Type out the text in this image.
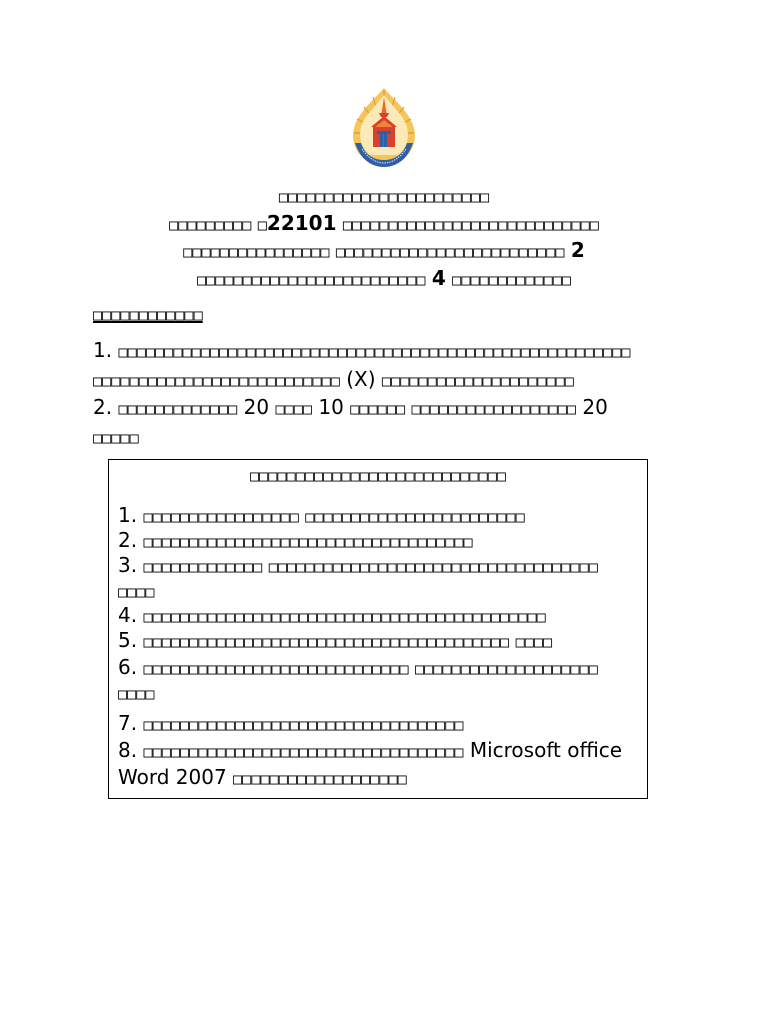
□□□□□□□□□□□□□□□□□□□□□□□
□□□□□□□□□ □22101 □□□□□□□□□□□□□□□□□□□□□□□□□□□□
□□□□□□□□□□□□□□□□ □□□□□□□□□□□□□□□□□□□□□□□□□ 2
□□□□□□□□□□□□□□□□□□□□□□□□□ 4 □□□□□□□□□□□□□
□□□□□□□□□□□□
1. □□□□□□□□□□□□□□□□□□□□□□□□□□□□□□□□□□□□□□□□□□□□□□□□□□□□□□□□
□□□□□□□□□□□□□□□□□□□□□□□□□□□ (X) □□□□□□□□□□□□□□□□□□□□□
2. □□□□□□□□□□□□□ 20 □□□□ 10 □□□□□□ □□□□□□□□□□□□□□□□□□ 20
□□□□□
□□□□□□□□□□□□□□□□□□□□□□□□□□□□
1. □□□□□□□□□□□□□□□□□ □□□□□□□□□□□□□□□□□□□□□□□□
2. □□□□□□□□□□□□□□□□□□□□□□□□□□□□□□□□□□□□
3. □□□□□□□□□□□□□ □□□□□□□□□□□□□□□□□□□□□□□□□□□□□□□□□□□□
□□□□
4. □□□□□□□□□□□□□□□□□□□□□□□□□□□□□□□□□□□□□□□□□□□□
5. □□□□□□□□□□□□□□□□□□□□□□□□□□□□□□□□□□□□□□□□ □□□□
6. □□□□□□□□□□□□□□□□□□□□□□□□□□□□□ □□□□□□□□□□□□□□□□□□□□
□□□□
7. □□□□□□□□□□□□□□□□□□□□□□□□□□□□□□□□□□□
8. □□□□□□□□□□□□□□□□□□□□□□□□□□□□□□□□□□□ Microsoft office
Word 2007 □□□□□□□□□□□□□□□□□□□
